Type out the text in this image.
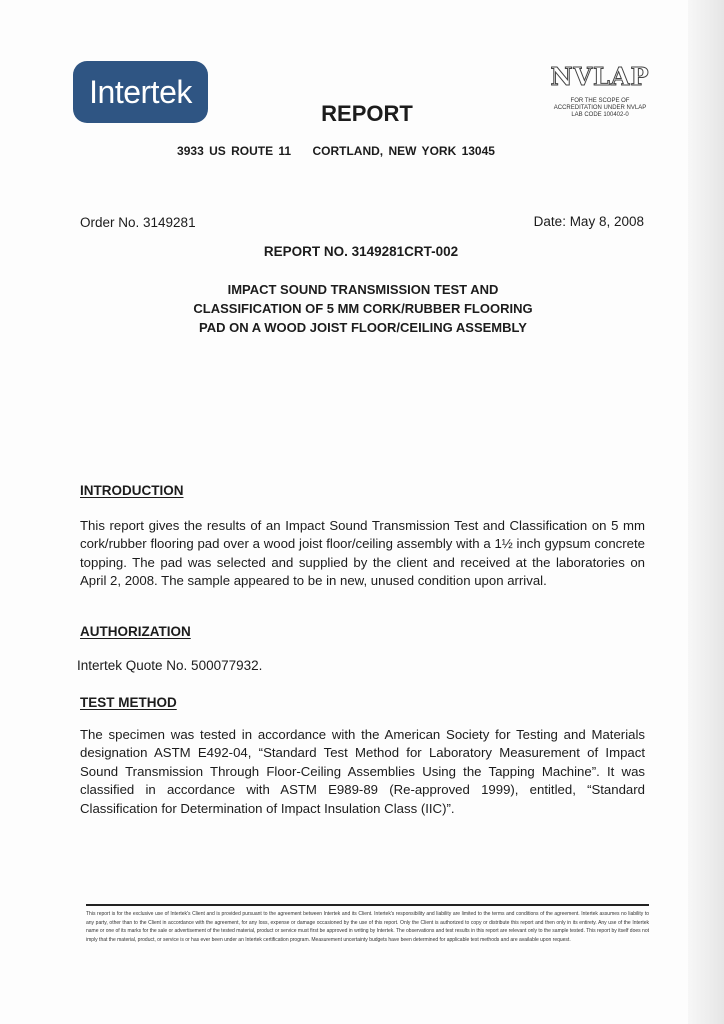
Intertek
REPORT
NVLAP
FOR THE SCOPE OF
ACCREDITATION UNDER NVLAP
LAB CODE 100402-0
3933 US ROUTE 11 CORTLAND, NEW YORK 13045
Order No. 3149281	Date: May 8, 2008
REPORT NO. 3149281CRT-002
IMPACT SOUND TRANSMISSION TEST AND
CLASSIFICATION OF 5 MM CORK/RUBBER FLOORING
PAD ON A WOOD JOIST FLOOR/CEILING ASSEMBLY
INTRODUCTION
This report gives the results of an Impact Sound Transmission Test and Classification on 5 mm cork/rubber flooring pad over a wood joist floor/ceiling assembly with a 1½ inch gypsum concrete topping. The pad was selected and supplied by the client and received at the laboratories on April 2, 2008. The sample appeared to be in new, unused condition upon arrival.
AUTHORIZATION
Intertek Quote No. 500077932.
TEST METHOD
The specimen was tested in accordance with the American Society for Testing and Materials designation ASTM E492-04, “Standard Test Method for Laboratory Measurement of Impact Sound Transmission Through Floor-Ceiling Assemblies Using the Tapping Machine”. It was classified in accordance with ASTM E989-89 (Re-approved 1999), entitled, “Standard Classification for Determination of Impact Insulation Class (IIC)”.
This report is for the exclusive use of Intertek's Client and is provided pursuant to the agreement between Intertek and its Client. Intertek's responsibility and liability are limited to the terms and conditions of the agreement. Intertek assumes no liability to any party, other than to the Client in accordance with the agreement, for any loss, expense or damage occasioned by the use of this report. Only the Client is authorized to copy or distribute this report and then only in its entirety. Any use of the Intertek name or one of its marks for the sale or advertisement of the tested material, product or service must first be approved in writing by Intertek. The observations and test results in this report are relevant only to the sample tested. This report by itself does not imply that the material, product, or service is or has ever been under an Intertek certification program. Measurement uncertainty budgets have been determined for applicable test methods and are available upon request.
